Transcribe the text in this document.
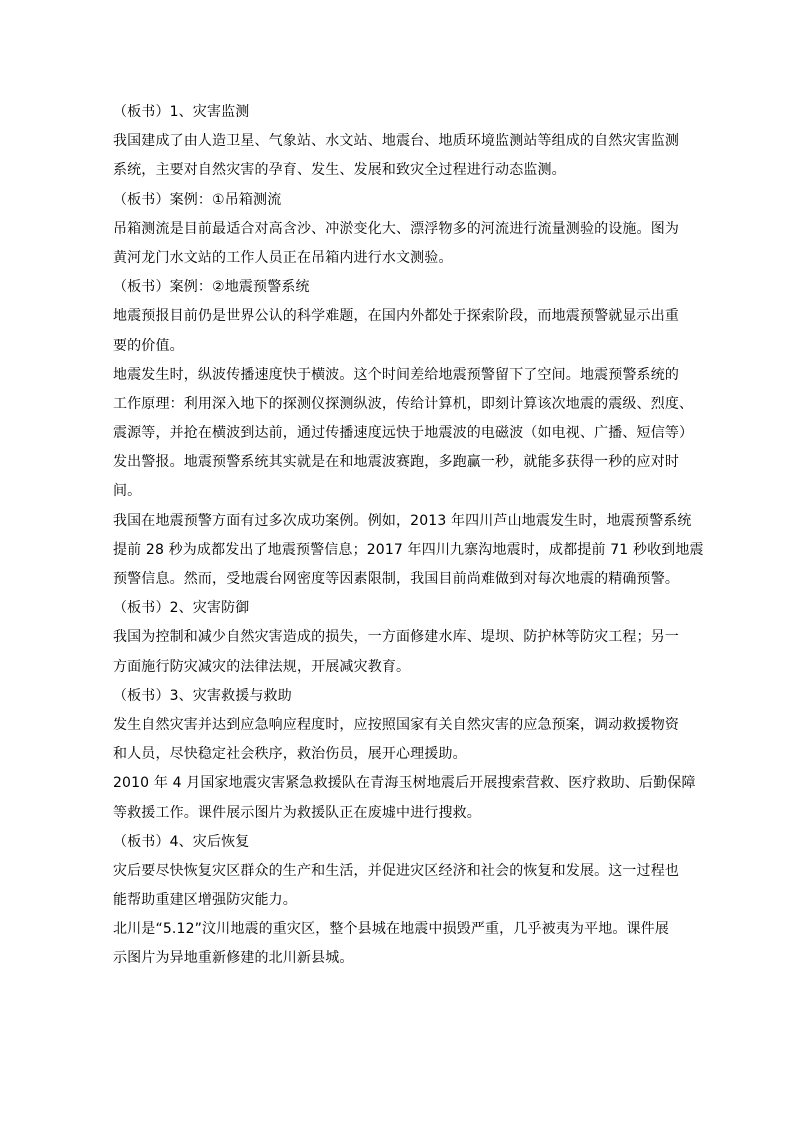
（板书）1、灾害监测
我国建成了由人造卫星、气象站、水文站、地震台、地质环境监测站等组成的自然灾害监测
系统，主要对自然灾害的孕育、发生、发展和致灾全过程进行动态监测。
（板书）案例：①吊箱测流
吊箱测流是目前最适合对高含沙、冲淤变化大、漂浮物多的河流进行流量测验的设施。图为
黄河龙门水文站的工作人员正在吊箱内进行水文测验。
（板书）案例：②地震预警系统
地震预报目前仍是世界公认的科学难题，在国内外都处于探索阶段，而地震预警就显示出重
要的价值。
地震发生时，纵波传播速度快于横波。这个时间差给地震预警留下了空间。地震预警系统的
工作原理：利用深入地下的探测仪探测纵波，传给计算机，即刻计算该次地震的震级、烈度、
震源等，并抢在横波到达前，通过传播速度远快于地震波的电磁波（如电视、广播、短信等）
发出警报。地震预警系统其实就是在和地震波赛跑，多跑赢一秒，就能多获得一秒的应对时
间。
我国在地震预警方面有过多次成功案例。例如，2013 年四川芦山地震发生时，地震预警系统
提前 28 秒为成都发出了地震预警信息；2017 年四川九寨沟地震时，成都提前 71 秒收到地震
预警信息。然而，受地震台网密度等因素限制，我国目前尚难做到对每次地震的精确预警。
（板书）2、灾害防御
我国为控制和减少自然灾害造成的损失，一方面修建水库、堤坝、防护林等防灾工程；另一
方面施行防灾减灾的法律法规，开展减灾教育。
（板书）3、灾害救援与救助
发生自然灾害并达到应急响应程度时，应按照国家有关自然灾害的应急预案，调动救援物资
和人员，尽快稳定社会秩序，救治伤员，展开心理援助。
2010 年 4 月国家地震灾害紧急救援队在青海玉树地震后开展搜索营救、医疗救助、后勤保障
等救援工作。课件展示图片为救援队正在废墟中进行搜救。
（板书）4、灾后恢复
灾后要尽快恢复灾区群众的生产和生活，并促进灾区经济和社会的恢复和发展。这一过程也
能帮助重建区增强防灾能力。
北川是“5.12”汶川地震的重灾区，整个县城在地震中损毁严重，几乎被夷为平地。课件展
示图片为异地重新修建的北川新县城。
